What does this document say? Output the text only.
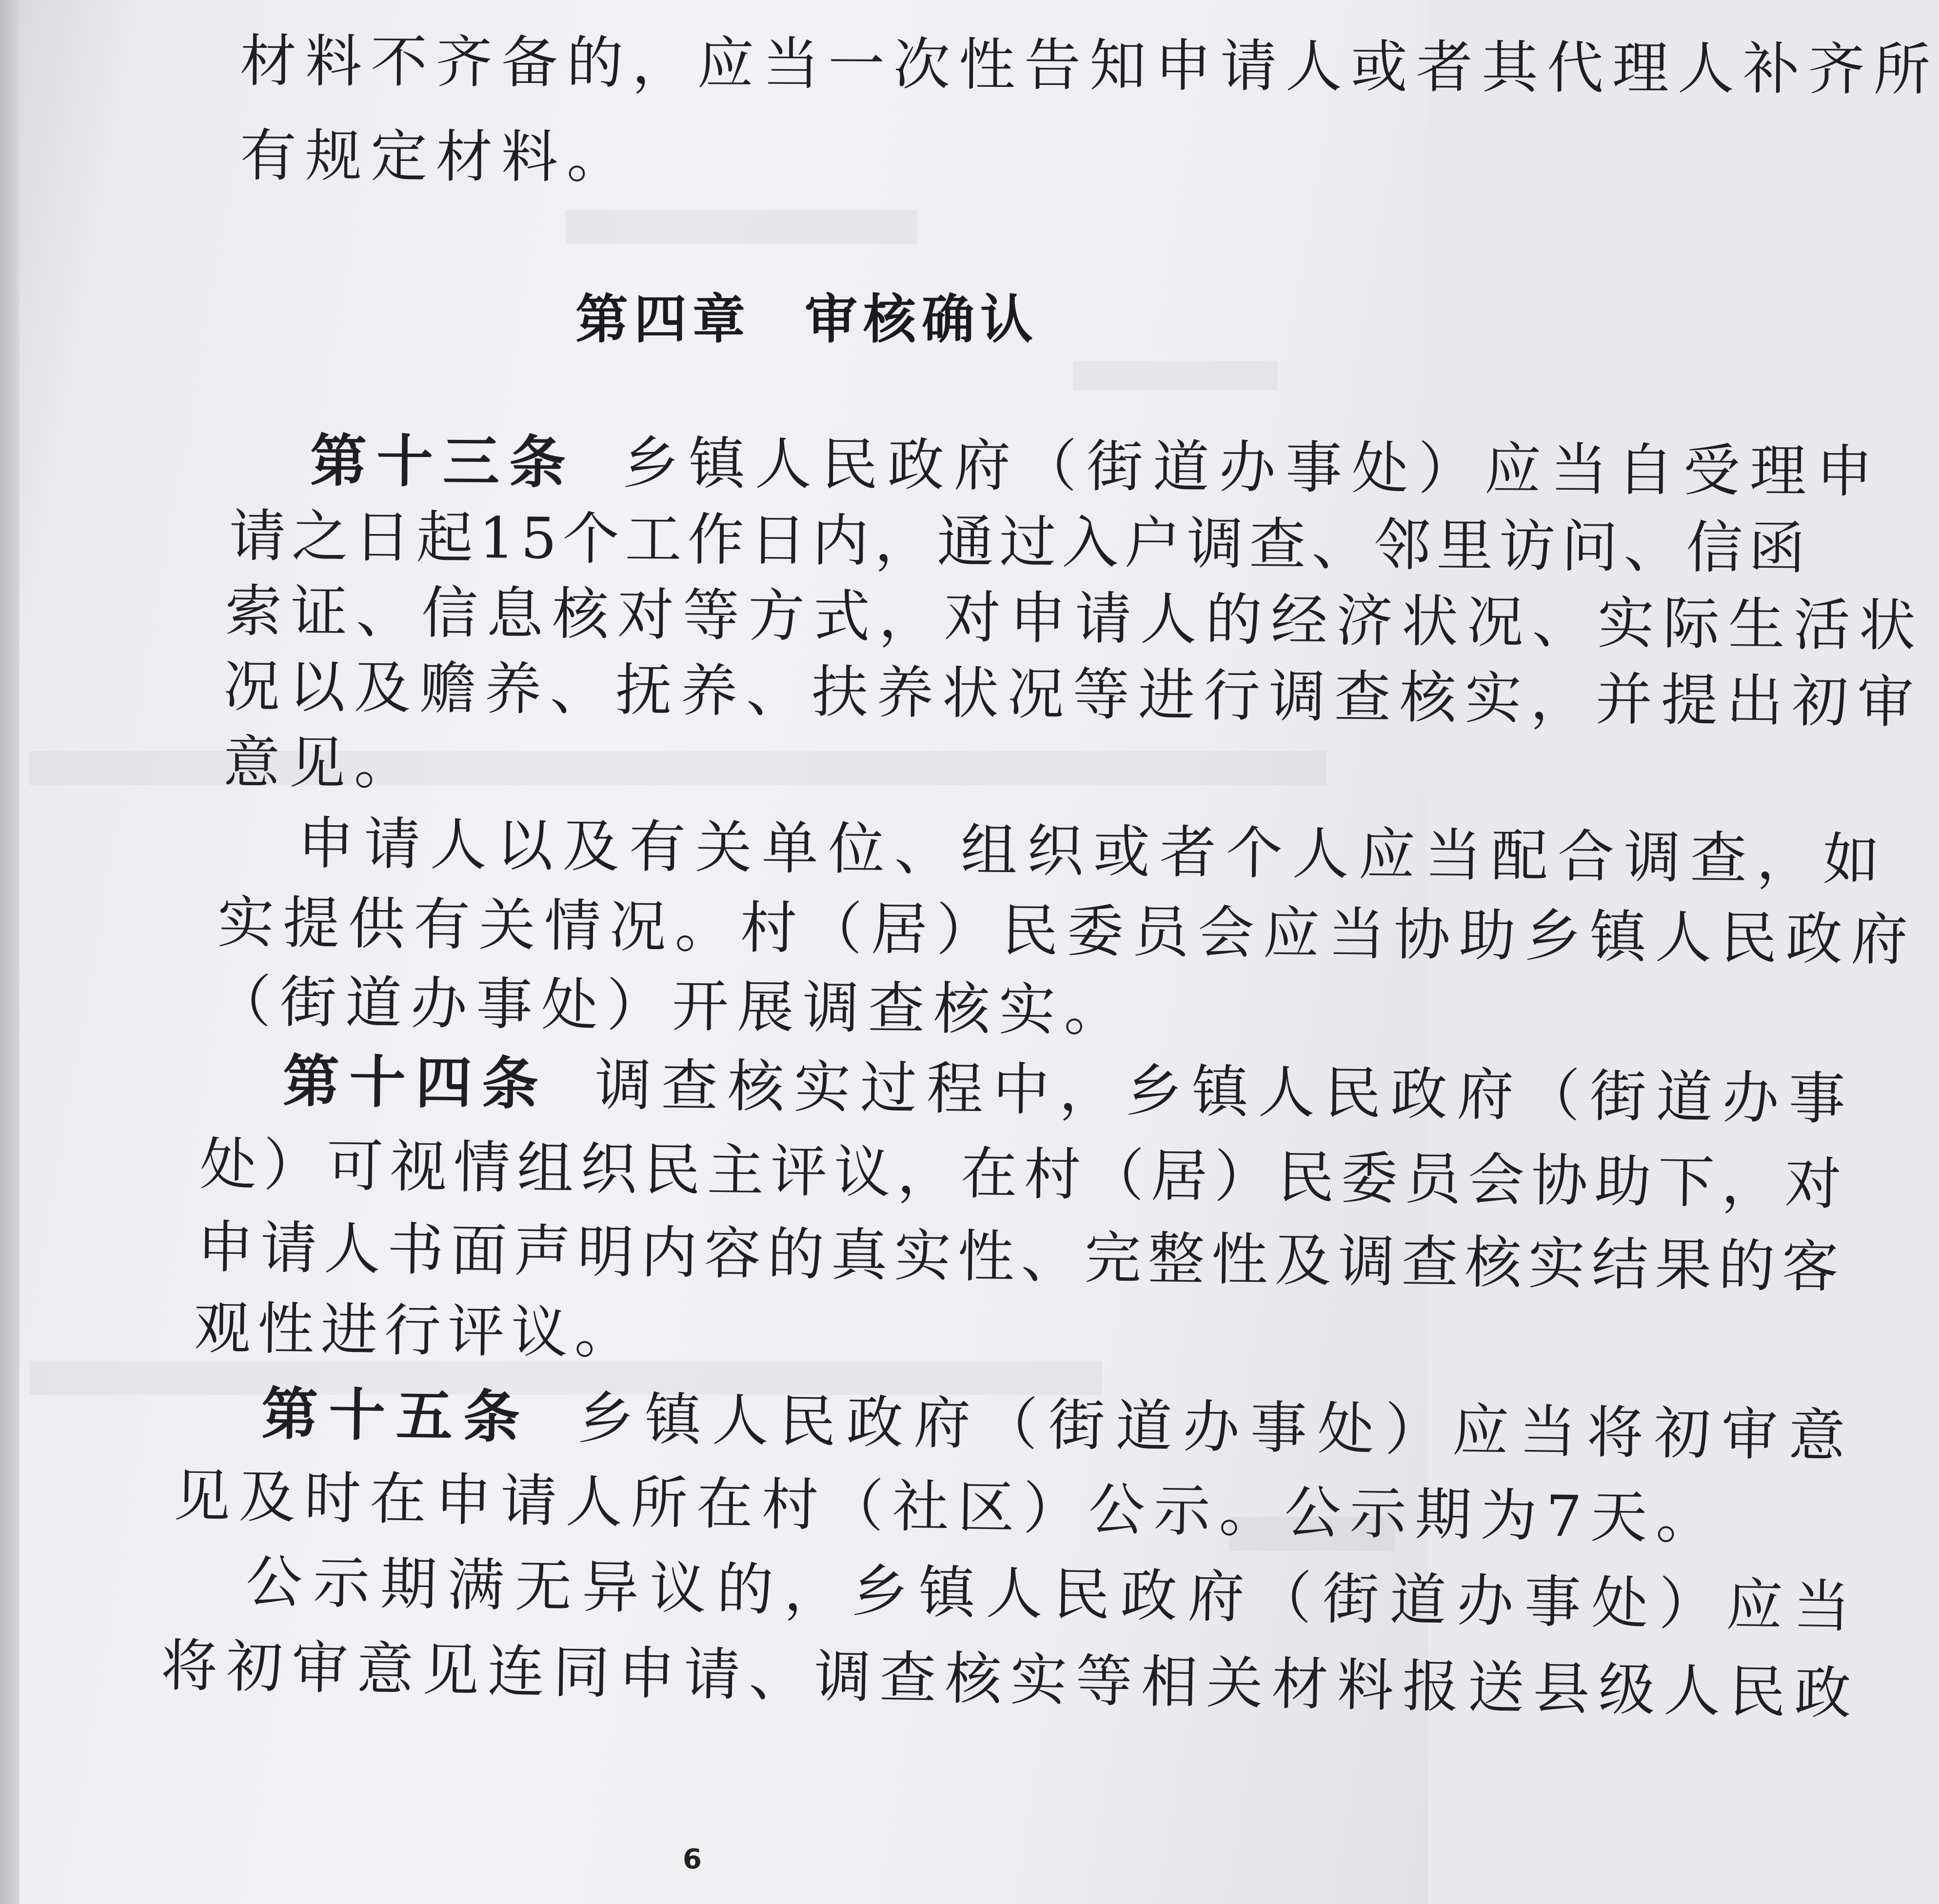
材料不齐备的，应当一次性告知申请人或者其代理人补齐所
有规定材料。
第四章 审核确认
第十三条 乡镇人民政府（街道办事处）应当自受理申
请之日起15个工作日内，通过入户调查、邻里访问、信函
索证、信息核对等方式，对申请人的经济状况、实际生活状
况以及赡养、抚养、扶养状况等进行调查核实，并提出初审
意见。
申请人以及有关单位、组织或者个人应当配合调查，如
实提供有关情况。村（居）民委员会应当协助乡镇人民政府
（街道办事处）开展调查核实。
第十四条 调查核实过程中，乡镇人民政府（街道办事
处）可视情组织民主评议，在村（居）民委员会协助下，对
申请人书面声明内容的真实性、完整性及调查核实结果的客
观性进行评议。
第十五条 乡镇人民政府（街道办事处）应当将初审意
见及时在申请人所在村（社区）公示。公示期为7天。
公示期满无异议的，乡镇人民政府（街道办事处）应当
将初审意见连同申请、调查核实等相关材料报送县级人民政
6
